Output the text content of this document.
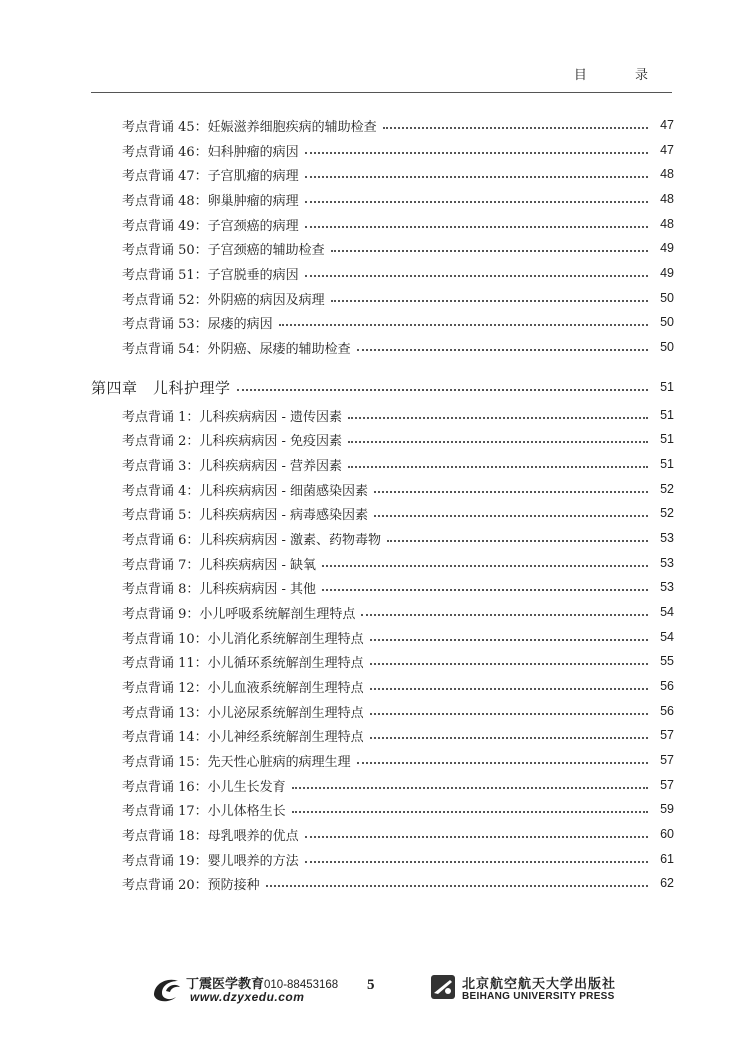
目 录
考点背诵 45：妊娠滋养细胞疾病的辅助检查	47
考点背诵 46：妇科肿瘤的病因	47
考点背诵 47：子宫肌瘤的病理	48
考点背诵 48：卵巢肿瘤的病理	48
考点背诵 49：子宫颈癌的病理	48
考点背诵 50：子宫颈癌的辅助检查	49
考点背诵 51：子宫脱垂的病因	49
考点背诵 52：外阴癌的病因及病理	50
考点背诵 53：尿瘘的病因	50
考点背诵 54：外阴癌、尿瘘的辅助检查	50
第四章　儿科护理学	51
考点背诵 1：儿科疾病病因 - 遗传因素	51
考点背诵 2：儿科疾病病因 - 免疫因素	51
考点背诵 3：儿科疾病病因 - 营养因素	51
考点背诵 4：儿科疾病病因 - 细菌感染因素	52
考点背诵 5：儿科疾病病因 - 病毒感染因素	52
考点背诵 6：儿科疾病病因 - 激素、药物毒物	53
考点背诵 7：儿科疾病病因 - 缺氧	53
考点背诵 8：儿科疾病病因 - 其他	53
考点背诵 9：小儿呼吸系统解剖生理特点	54
考点背诵 10：小儿消化系统解剖生理特点	54
考点背诵 11：小儿循环系统解剖生理特点	55
考点背诵 12：小儿血液系统解剖生理特点	56
考点背诵 13：小儿泌尿系统解剖生理特点	56
考点背诵 14：小儿神经系统解剖生理特点	57
考点背诵 15：先天性心脏病的病理生理	57
考点背诵 16：小儿生长发育	57
考点背诵 17：小儿体格生长	59
考点背诵 18：母乳喂养的优点	60
考点背诵 19：婴儿喂养的方法	61
考点背诵 20：预防接种	62
丁震医学教育010-88453168
www.dzyxedu.com
5	北京航空航天大学出版社
BEIHANG UNIVERSITY PRESS
